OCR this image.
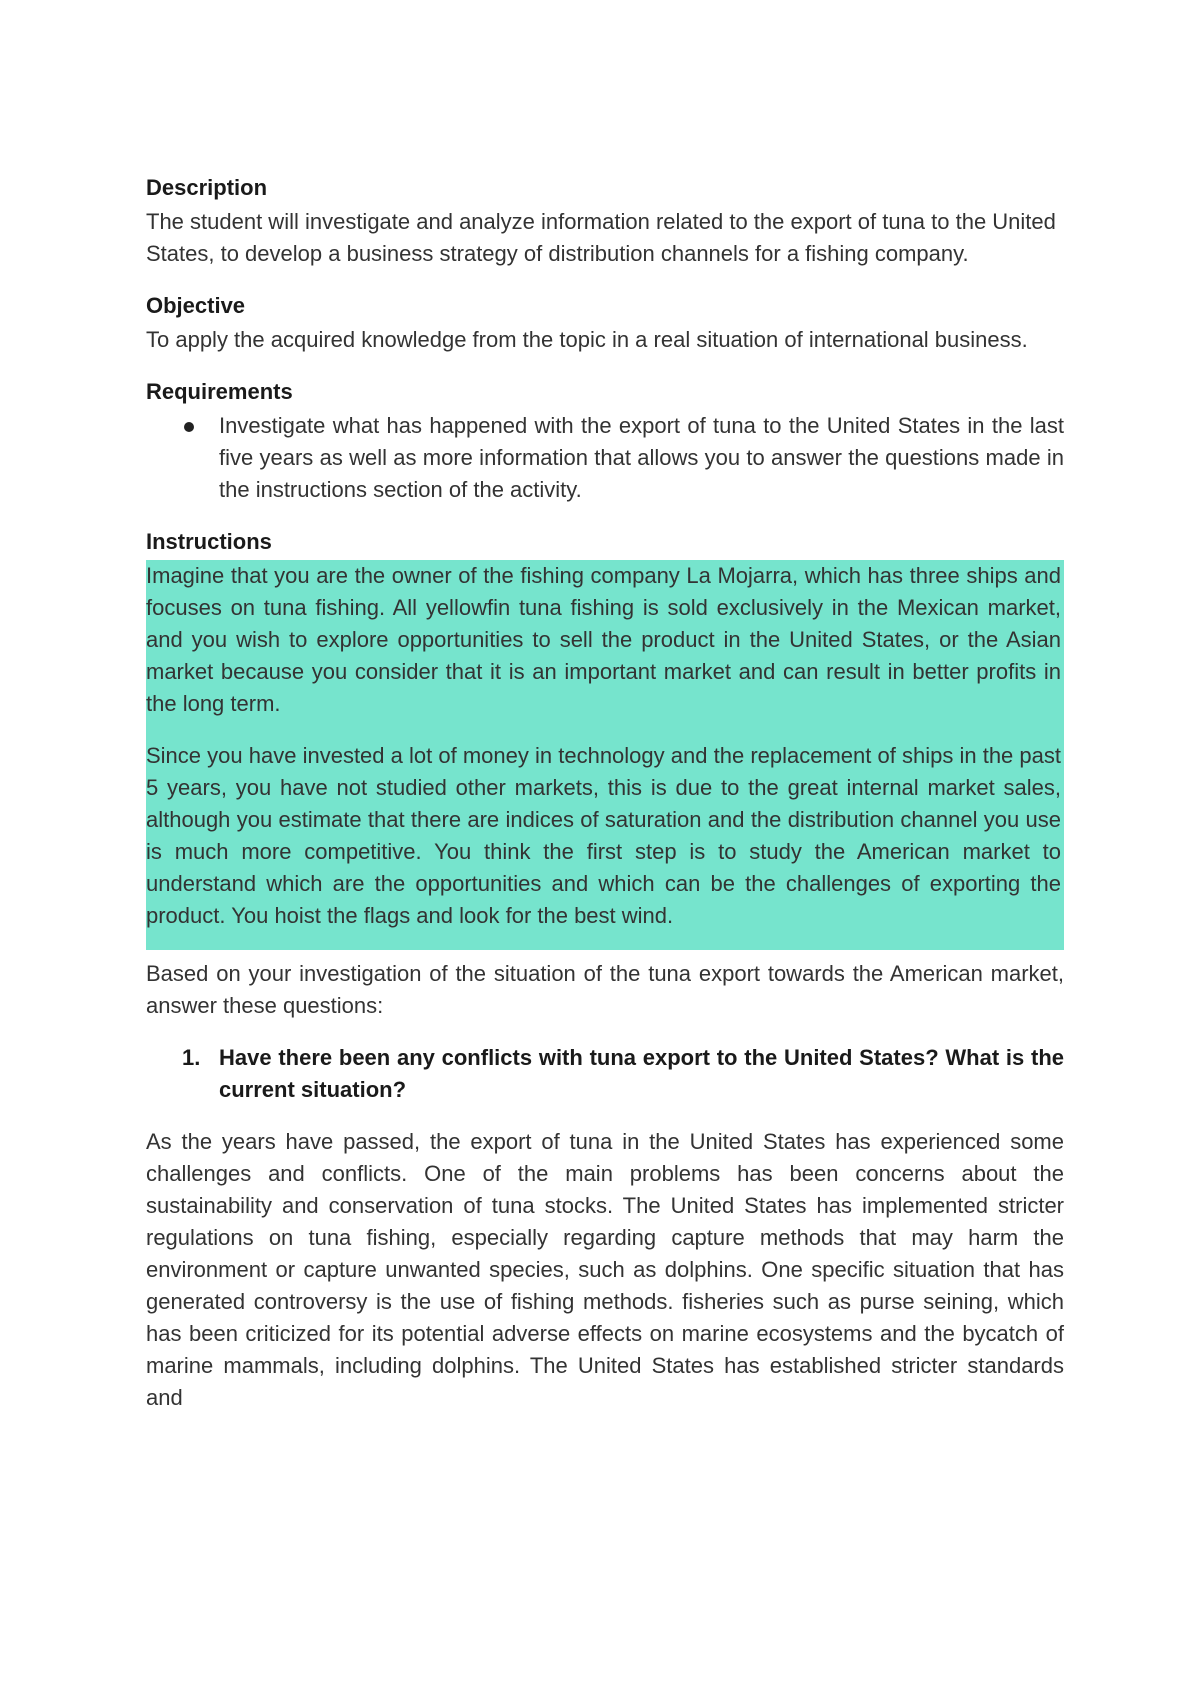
Description

The student will investigate and analyze information related to the export of tuna to the United States, to develop a business strategy of distribution channels for a fishing company.

Objective

To apply the acquired knowledge from the topic in a real situation of international business.

Requirements
Investigate what has happened with the export of tuna to the United States in the last five years as well as more information that allows you to answer the questions made in the instructions section of the activity.
Instructions

Imagine that you are the owner of the fishing company La Mojarra, which has three ships and focuses on tuna fishing. All yellowfin tuna fishing is sold exclusively in the Mexican market, and you wish to explore opportunities to sell the product in the United States, or the Asian market because you consider that it is an important market and can result in better profits in the long term.

Since you have invested a lot of money in technology and the replacement of ships in the past 5 years, you have not studied other markets, this is due to the great internal market sales, although you estimate that there are indices of saturation and the distribution channel you use is much more competitive. You think the first step is to study the American market to understand which are the opportunities and which can be the challenges of exporting the product. You hoist the flags and look for the best wind.

Based on your investigation of the situation of the tuna export towards the American market, answer these questions:

1. Have there been any conflicts with tuna export to the United States? What is the current situation?

As the years have passed, the export of tuna in the United States has experienced some challenges and conflicts. One of the main problems has been concerns about the sustainability and conservation of tuna stocks. The United States has implemented stricter regulations on tuna fishing, especially regarding capture methods that may harm the environment or capture unwanted species, such as dolphins. One specific situation that has generated controversy is the use of fishing methods. fisheries such as purse seining, which has been criticized for its potential adverse effects on marine ecosystems and the bycatch of marine mammals, including dolphins. The United States has established stricter standards and
